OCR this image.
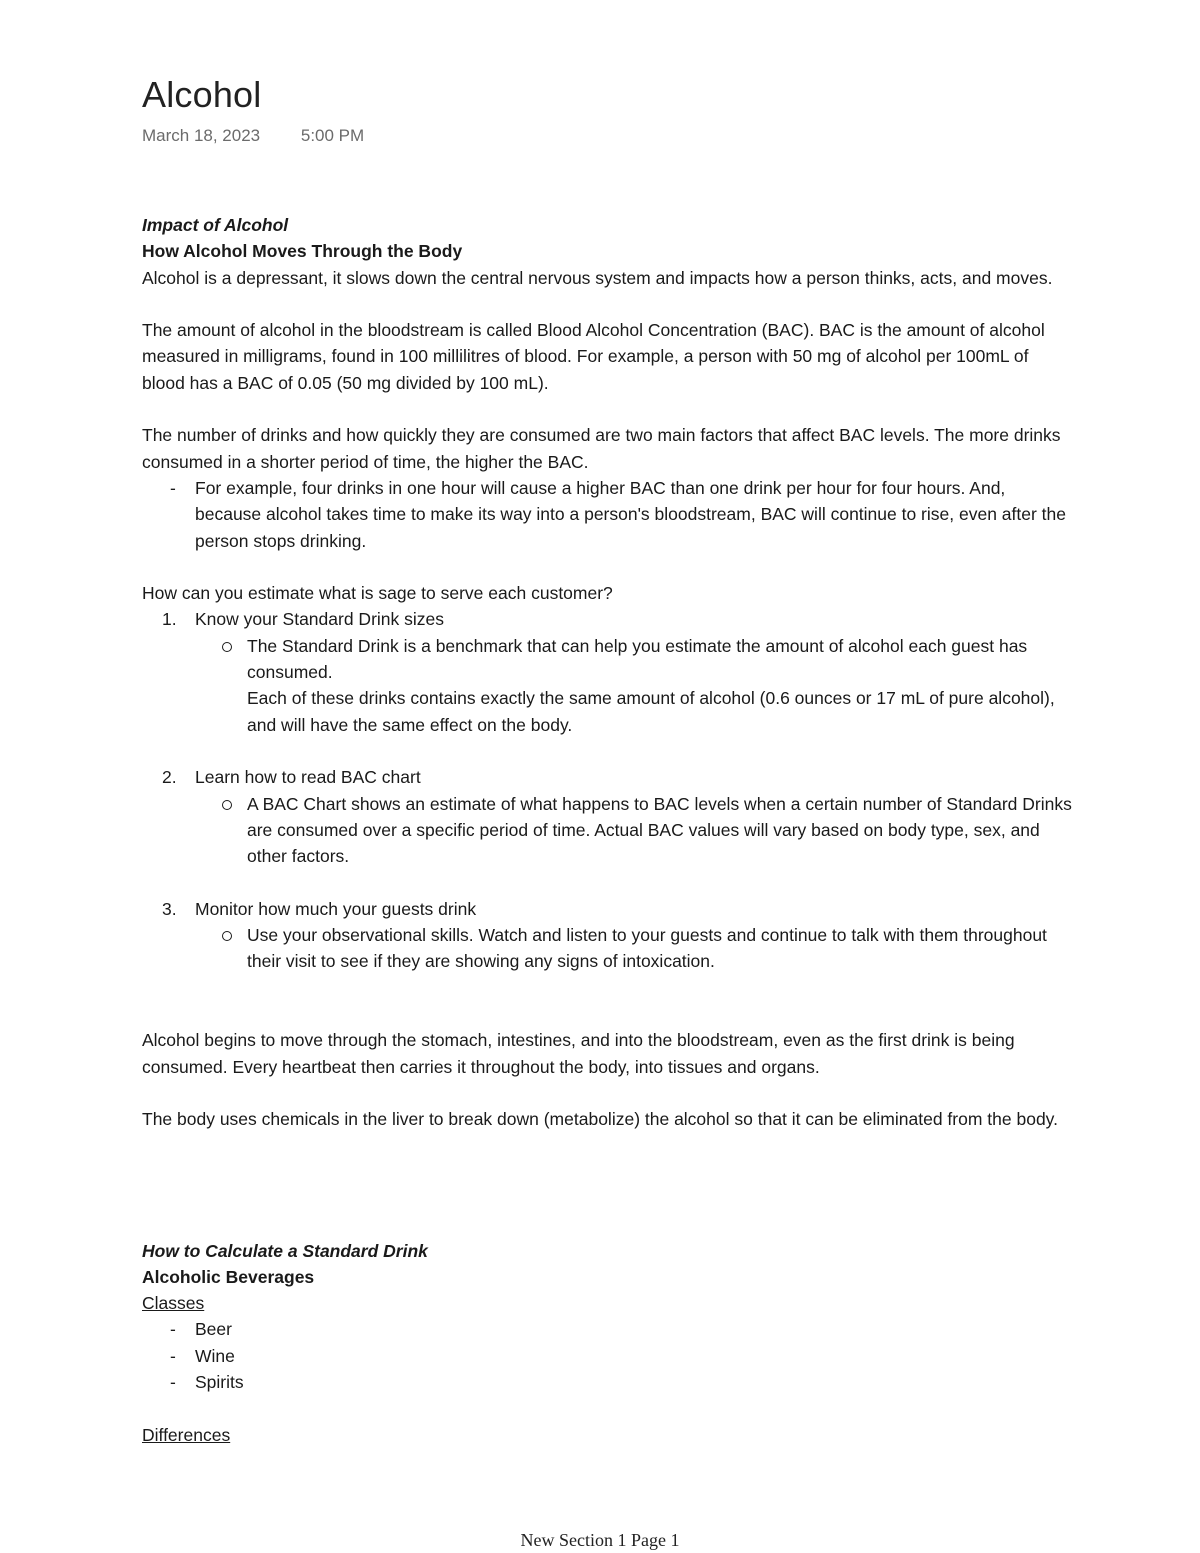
Alcohol
March 18, 2023 5:00 PM

Impact of Alcohol

How Alcohol Moves Through the Body

Alcohol is a depressant, it slows down the central nervous system and impacts how a person thinks, acts, and moves.

The amount of alcohol in the bloodstream is called Blood Alcohol Concentration (BAC). BAC is the amount of alcohol measured in milligrams, found in 100 millilitres of blood. For example, a person with 50 mg of alcohol per 100mL of blood has a BAC of 0.05 (50 mg divided by 100 mL).

The number of drinks and how quickly they are consumed are two main factors that affect BAC levels. The more drinks consumed in a shorter period of time, the higher the BAC.

- For example, four drinks in one hour will cause a higher BAC than one drink per hour for four hours. And, because alcohol takes time to make its way into a person's bloodstream, BAC will continue to rise, even after the person stops drinking.

How can you estimate what is sage to serve each customer?

1. Know your Standard Drink sizes
The Standard Drink is a benchmark that can help you estimate the amount of alcohol each guest has consumed.
Each of these drinks contains exactly the same amount of alcohol (0.6 ounces or 17 mL of pure alcohol), and will have the same effect on the body.
2. Learn how to read BAC chart
A BAC Chart shows an estimate of what happens to BAC levels when a certain number of Standard Drinks are consumed over a specific period of time. Actual BAC values will vary based on body type, sex, and other factors.
3. Monitor how much your guests drink
Use your observational skills. Watch and listen to your guests and continue to talk with them throughout their visit to see if they are showing any signs of intoxication.

Alcohol begins to move through the stomach, intestines, and into the bloodstream, even as the first drink is being consumed. Every heartbeat then carries it throughout the body, into tissues and organs.

The body uses chemicals in the liver to break down (metabolize) the alcohol so that it can be eliminated from the body.

How to Calculate a Standard Drink

Alcoholic Beverages

Classes

- Beer
- Wine
- Spirits

Differences

New Section 1 Page 1
